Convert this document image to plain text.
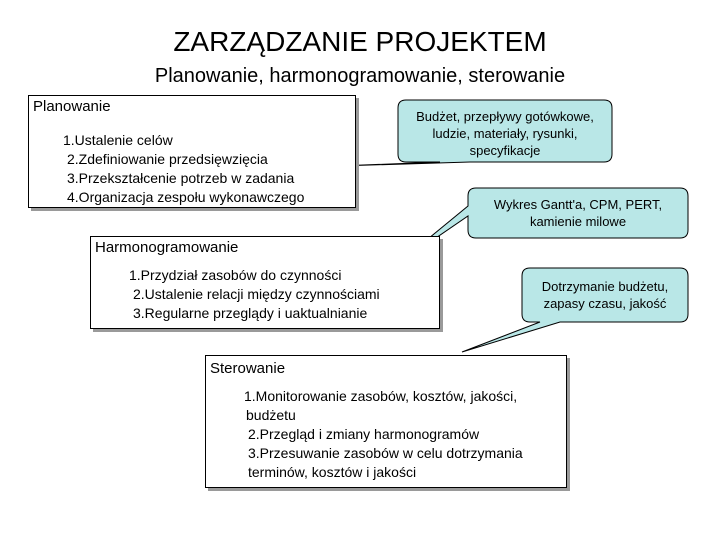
ZARZĄDZANIE PROJEKTEM
Planowanie, harmonogramowanie, sterowanie
Budżet, przepływy gotówkowe, ludzie, materiały, rysunki, specyfikacje
Wykres Gantt'a, CPM, PERT, kamienie milowe
Dotrzymanie budżetu, zapasy czasu, jakość
Planowanie
1.Ustalenie celów
2.Zdefiniowanie przedsięwzięcia
3.Przekształcenie potrzeb w zadania
4.Organizacja zespołu wykonawczego
Harmonogramowanie
1.Przydział zasobów do czynności
2.Ustalenie relacji między czynnościami
3.Regularne przeglądy i uaktualnianie
Sterowanie
1.Monitorowanie zasobów, kosztów, jakości, budżetu
2.Przegląd i zmiany harmonogramów
3.Przesuwanie zasobów w celu dotrzymania terminów, kosztów i jakości
